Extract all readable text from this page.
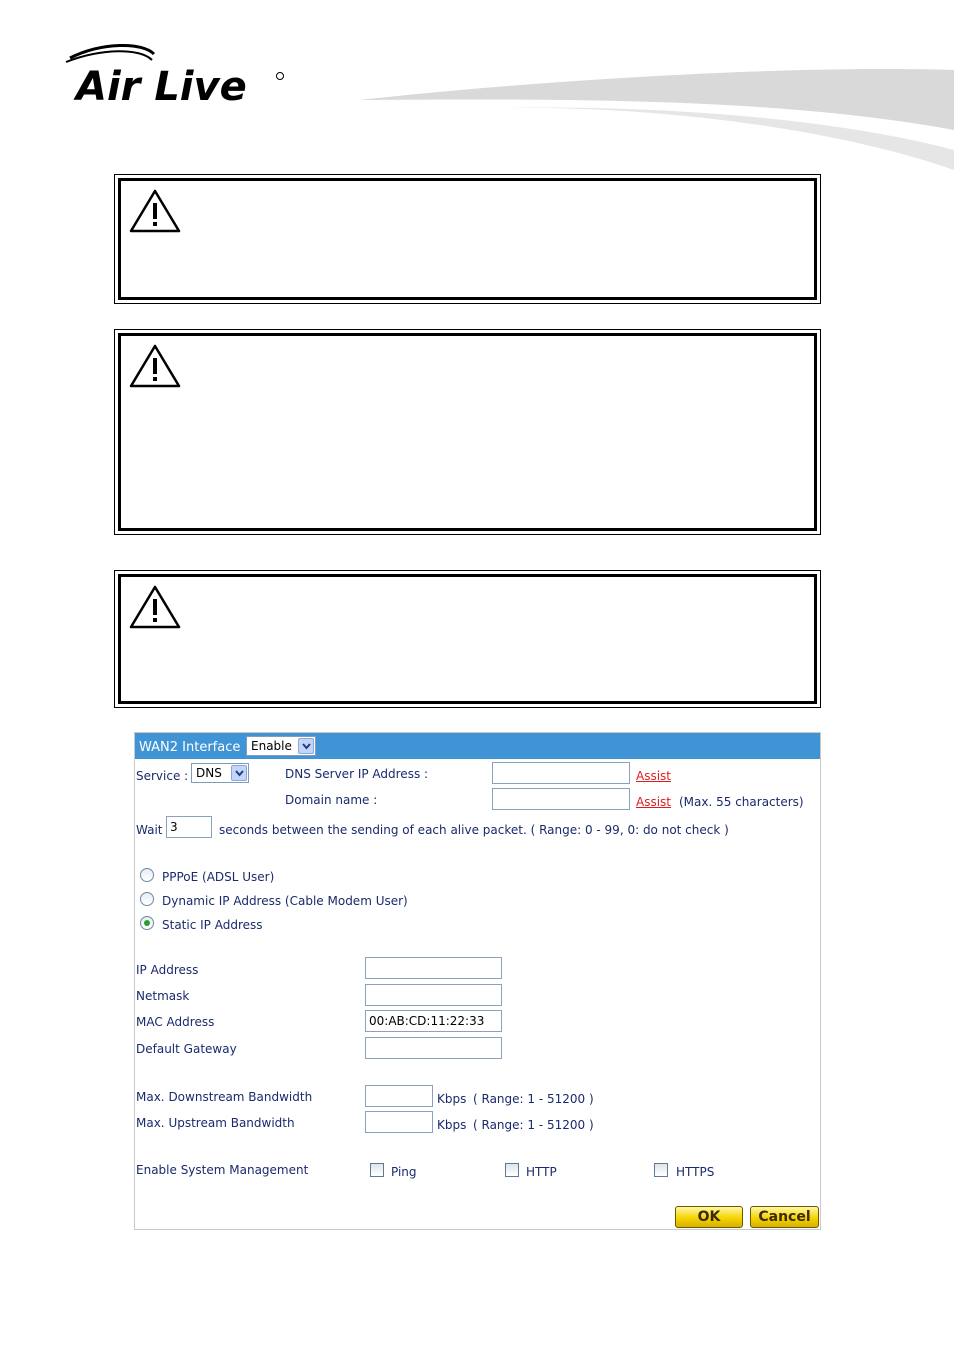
Air Live
WAN2 Interface Enable
Service : DNS	DNS Server IP Address :	Assist
Domain name :	Assist (Max. 55 characters)
Wait 3	seconds between the sending of each alive packet. ( Range: 0 - 99, 0: do not check )
PPPoE (ADSL User)
Dynamic IP Address (Cable Modem User)
Static IP Address
IP Address
Netmask
MAC Address	00:AB:CD:11:22:33
Default Gateway
Max. Downstream Bandwidth	Kbps ( Range: 1 - 51200 )
Max. Upstream Bandwidth	Kbps ( Range: 1 - 51200 )
Enable System Management	Ping	HTTP	HTTPS
OK	Cancel
